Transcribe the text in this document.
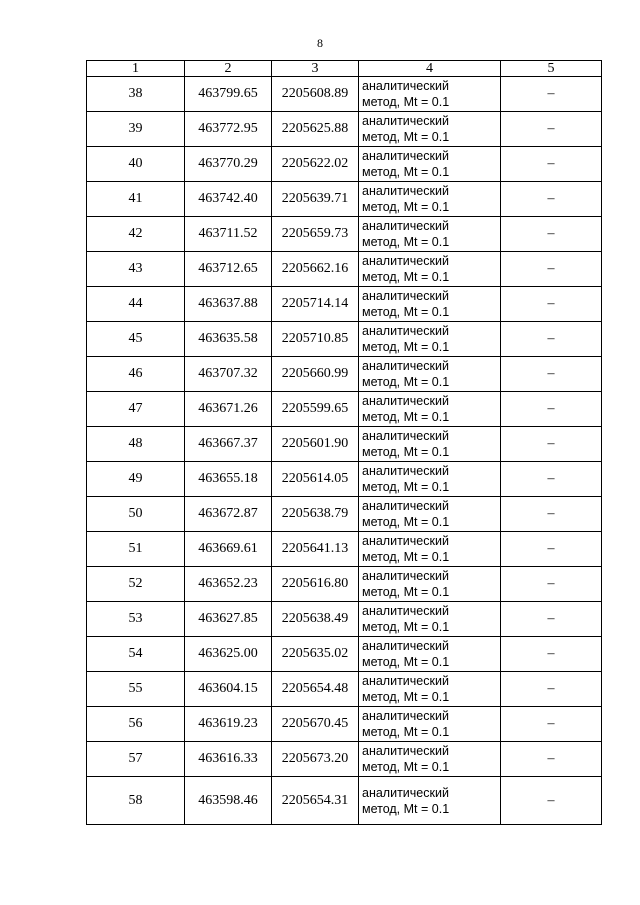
8
1	2	3	4	5
38	463799.65	2205608.89	аналитический
метод, Mt = 0.1	–
39	463772.95	2205625.88	аналитический
метод, Mt = 0.1	–
40	463770.29	2205622.02	аналитический
метод, Mt = 0.1	–
41	463742.40	2205639.71	аналитический
метод, Mt = 0.1	–
42	463711.52	2205659.73	аналитический
метод, Mt = 0.1	–
43	463712.65	2205662.16	аналитический
метод, Mt = 0.1	–
44	463637.88	2205714.14	аналитический
метод, Mt = 0.1	–
45	463635.58	2205710.85	аналитический
метод, Mt = 0.1	–
46	463707.32	2205660.99	аналитический
метод, Mt = 0.1	–
47	463671.26	2205599.65	аналитический
метод, Mt = 0.1	–
48	463667.37	2205601.90	аналитический
метод, Mt = 0.1	–
49	463655.18	2205614.05	аналитический
метод, Mt = 0.1	–
50	463672.87	2205638.79	аналитический
метод, Mt = 0.1	–
51	463669.61	2205641.13	аналитический
метод, Mt = 0.1	–
52	463652.23	2205616.80	аналитический
метод, Mt = 0.1	–
53	463627.85	2205638.49	аналитический
метод, Mt = 0.1	–
54	463625.00	2205635.02	аналитический
метод, Mt = 0.1	–
55	463604.15	2205654.48	аналитический
метод, Mt = 0.1	–
56	463619.23	2205670.45	аналитический
метод, Mt = 0.1	–
57	463616.33	2205673.20	аналитический
метод, Mt = 0.1	–
58	463598.46	2205654.31	аналитический
метод, Mt = 0.1	–
